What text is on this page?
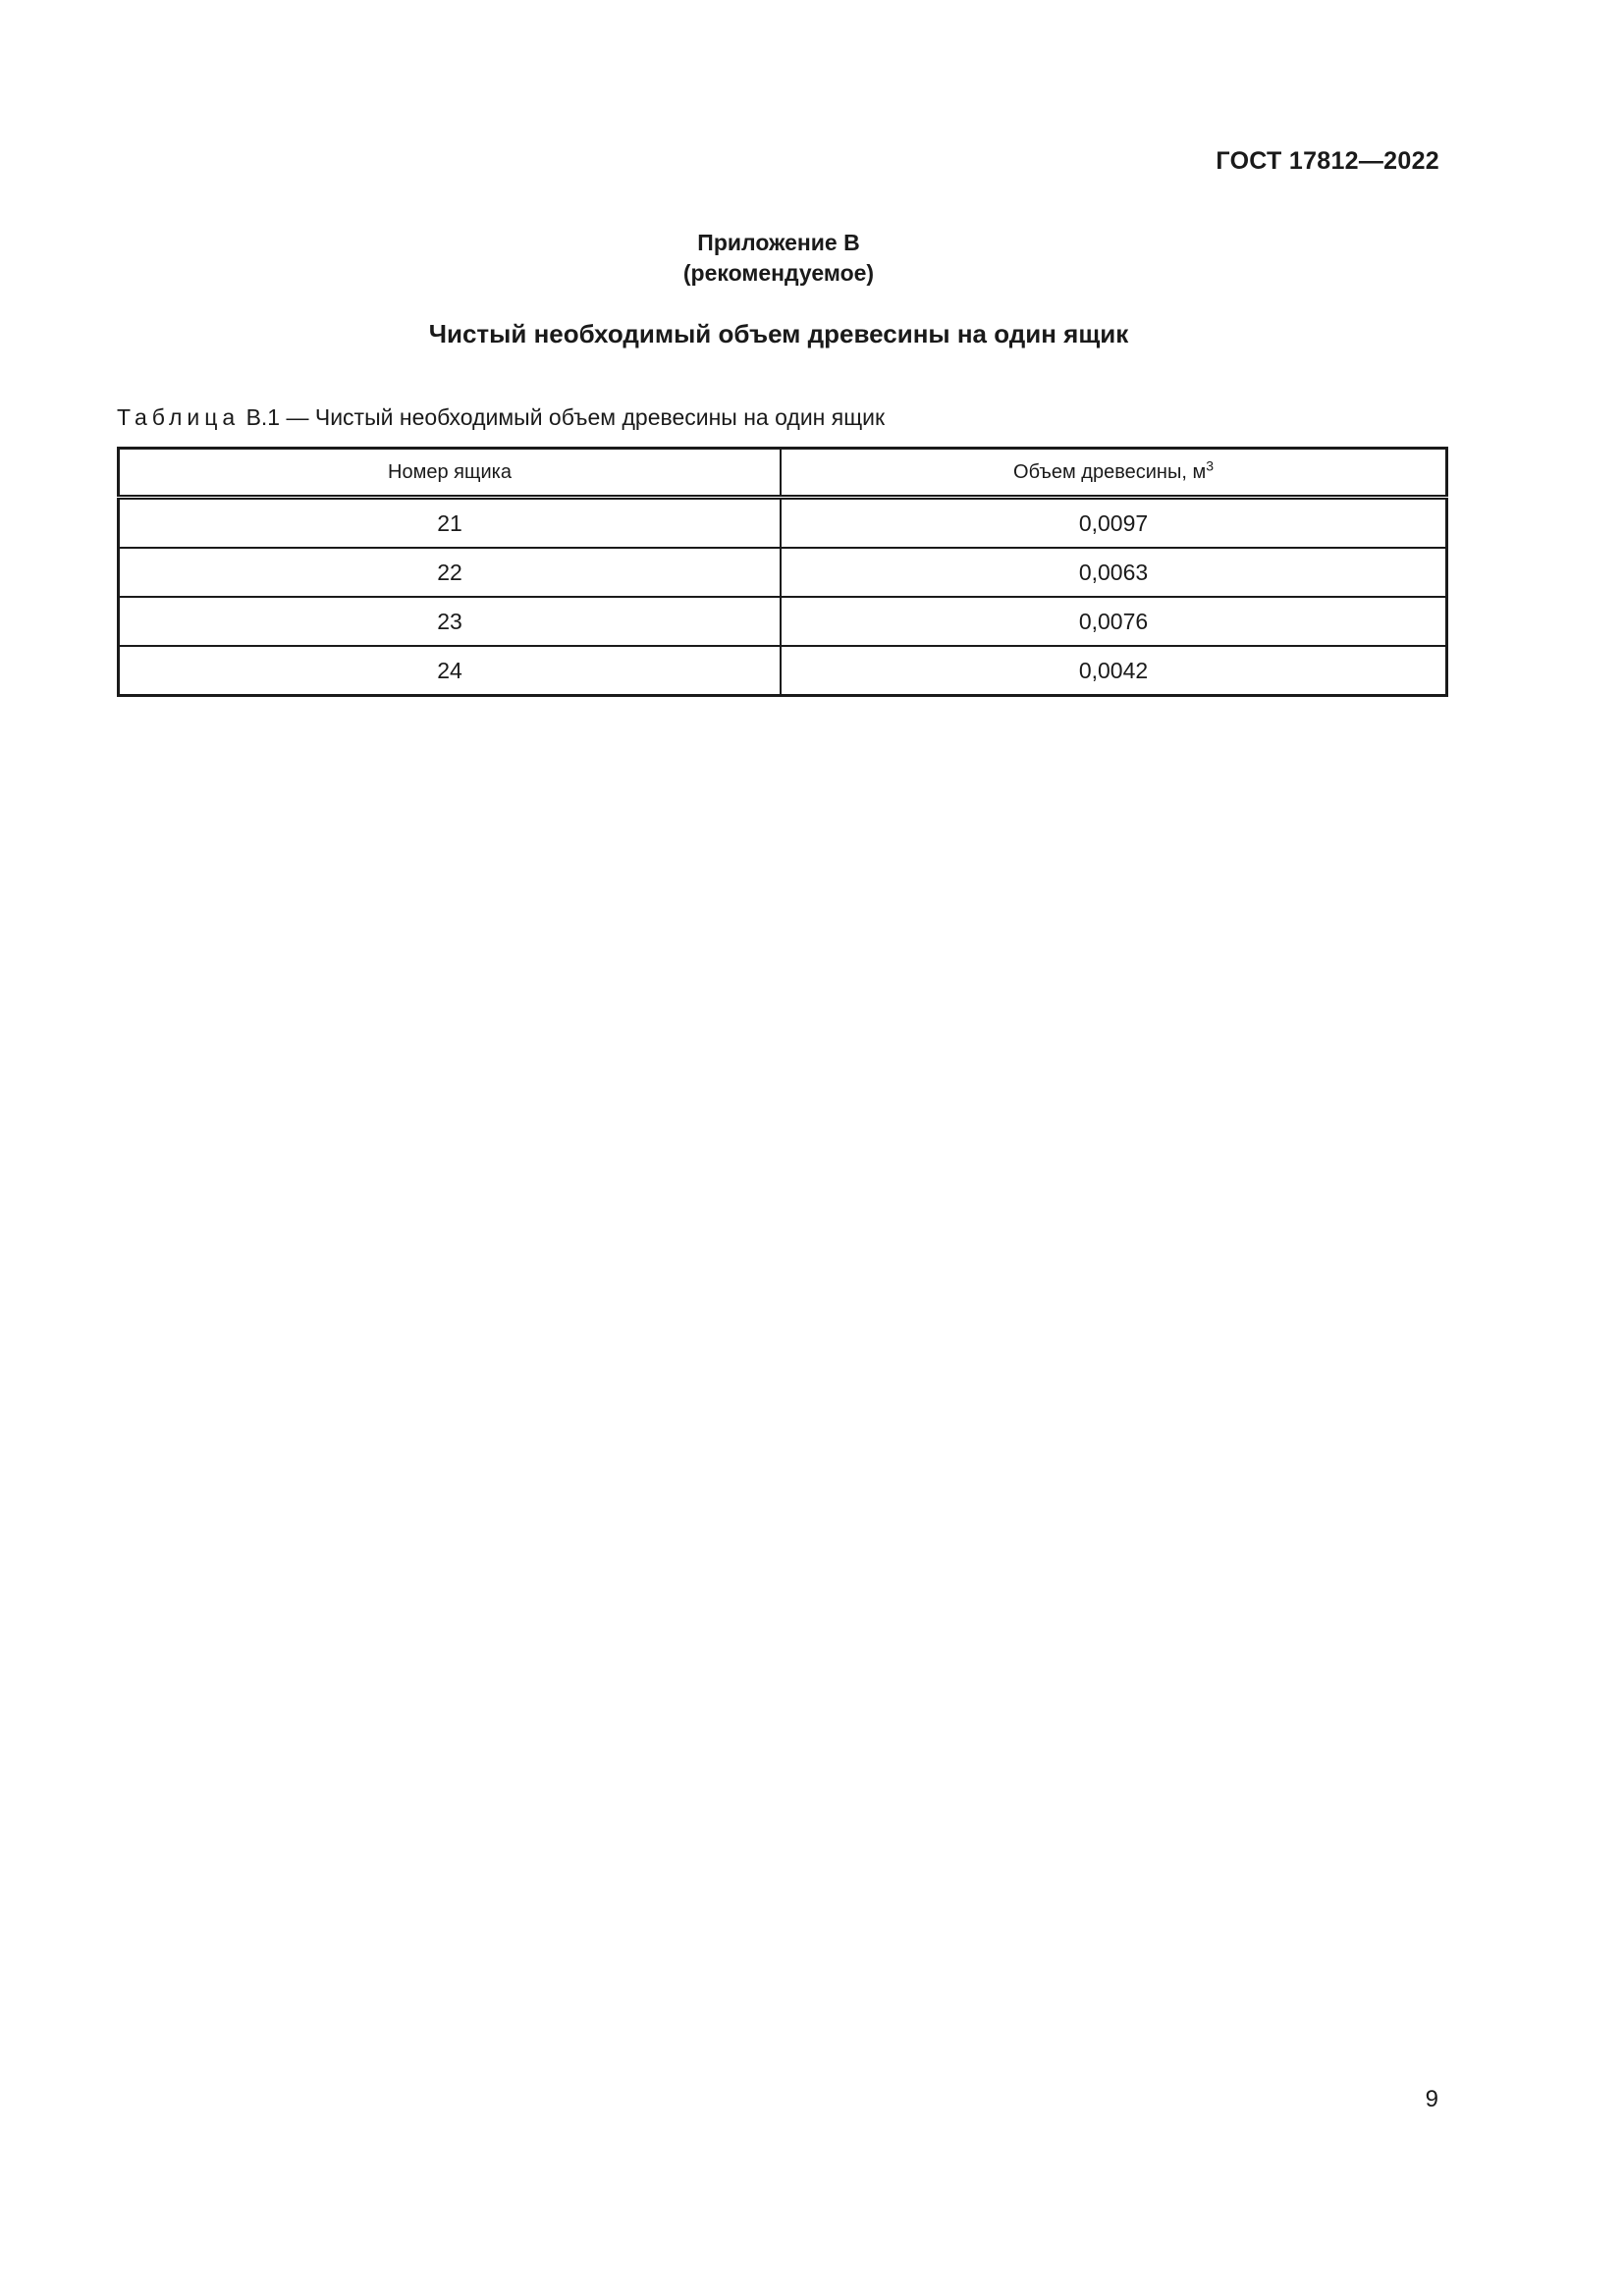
ГОСТ 17812—2022
Приложение В
(рекомендуемое)
Чистый необходимый объем древесины на один ящик
Таблица В.1 — Чистый необходимый объем древесины на один ящик
Номер ящика	Объем древесины, $м^3$
21	0,0097
22	0,0063
23	0,0076
24	0,0042
9
